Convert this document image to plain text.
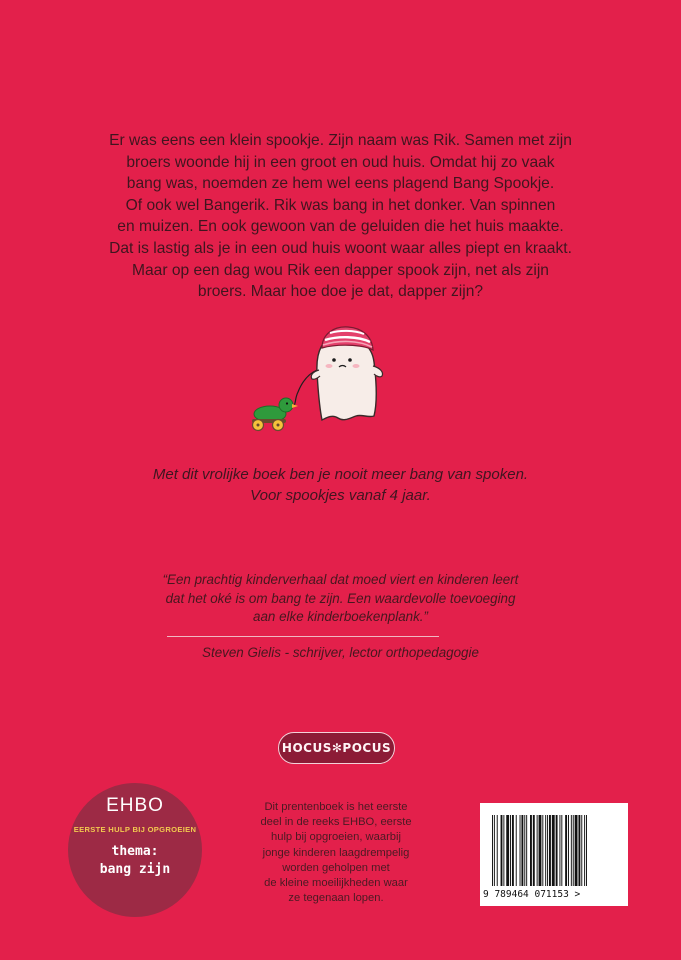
Er was eens een klein spookje. Zijn naam was Rik. Samen met zijn
broers woonde hij in een groot en oud huis. Omdat hij zo vaak
bang was, noemden ze hem wel eens plagend Bang Spookje.
Of ook wel Bangerik. Rik was bang in het donker. Van spinnen
en muizen. En ook gewoon van de geluiden die het huis maakte.
Dat is lastig als je in een oud huis woont waar alles piept en kraakt.
Maar op een dag wou Rik een dapper spook zijn, net als zijn
broers. Maar hoe doe je dat, dapper zijn?
Met dit vrolijke boek ben je nooit meer bang van spoken.
Voor spookjes vanaf 4 jaar.
“Een prachtig kinderverhaal dat moed viert en kinderen leert
dat het oké is om bang te zijn. Een waardevolle toevoeging
aan elke kinderboekenplank.”
Steven Gielis - schrijver, lector orthopedagogie
HOCUS✻POCUS
EHBO
EERSTE HULP BIJ OPGROEIEN
thema:
bang zijn
Dit prentenboek is het eerste
deel in de reeks EHBO, eerste
hulp bij opgroeien, waarbij
jonge kinderen laagdrempelig
worden geholpen met
de kleine moeilijkheden waar
ze tegenaan lopen.	9 789464 071153 >
